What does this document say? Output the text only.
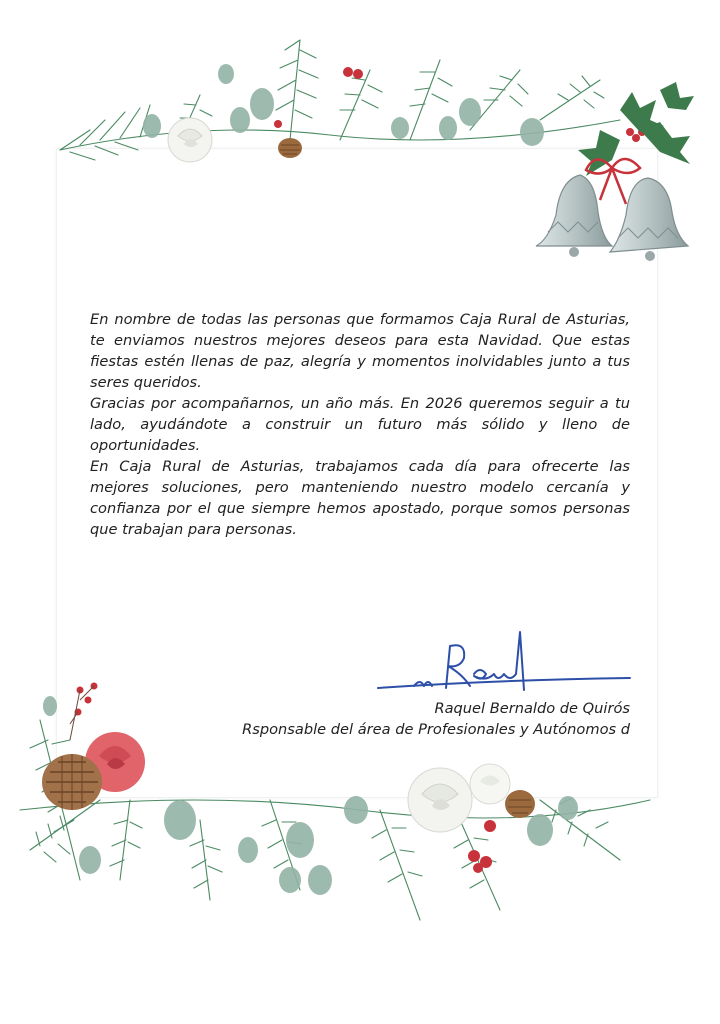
En nombre de todas las personas que formamos Caja Rural de Asturias, te enviamos nuestros mejores deseos para esta Navidad. Que estas fiestas estén llenas de paz, alegría y momentos inolvidables junto a tus seres queridos.

Gracias por acompañarnos, un año más. En 2026 queremos seguir a tu lado, ayudándote a construir un futuro más sólido y lleno de oportunidades.

En Caja Rural de Asturias, trabajamos cada día para ofrecerte las mejores soluciones, pero manteniendo nuestro modelo cercanía y confianza por el que siempre hemos apostado, porque somos personas que trabajan para personas.

Raquel Bernaldo de Quirós
Rsponsable del área de Profesionales y Autónomos d
